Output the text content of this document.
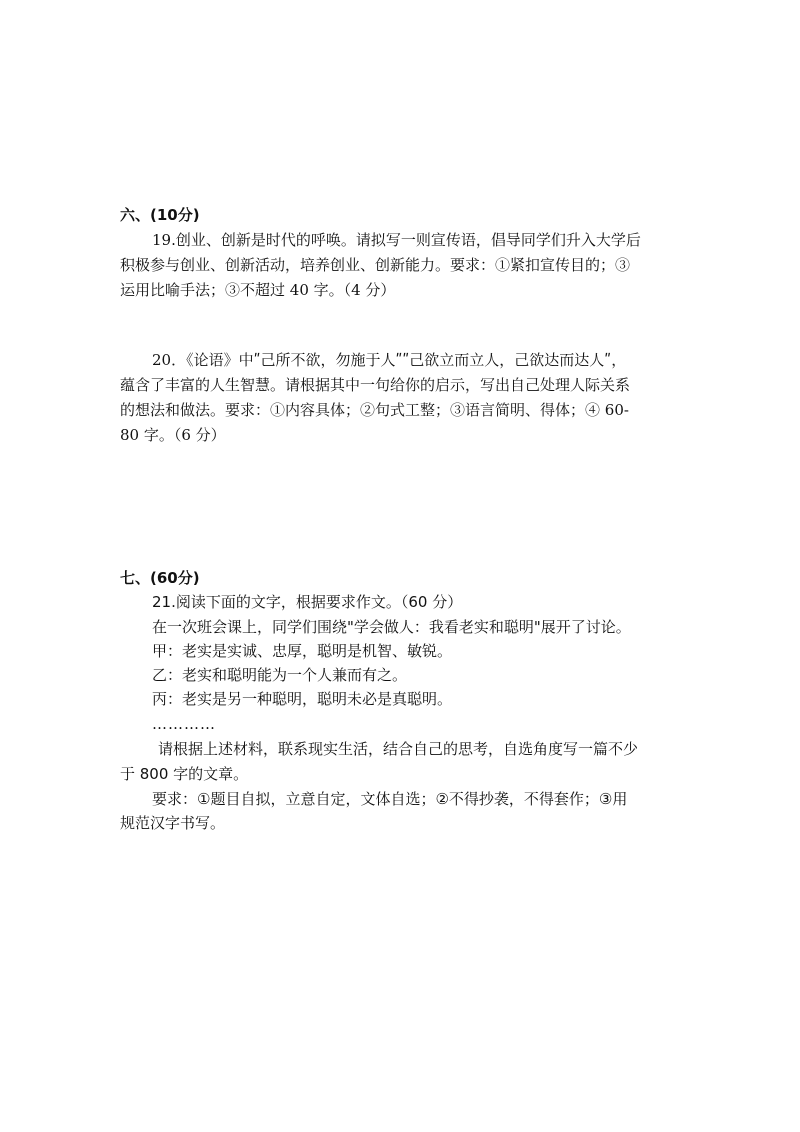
六、(10分)
19.创业、创新是时代的呼唤。请拟写一则宣传语，倡导同学们升入大学后
积极参与创业、创新活动，培养创业、创新能力。要求：①紧扣宣传目的；③
运用比喻手法；③不超过 40 字。（4 分）
20．《论语》中ʺ己所不欲，勿施于人ʺʺ己欲立而立人，己欲达而达人ʺ，
蕴含了丰富的人生智慧。请根据其中一句给你的启示，写出自己处理人际关系
的想法和做法。要求：①内容具体；②句式工整；③语言简明、得体；④ 60-
80 字。（6 分）
七、(60分)
21.阅读下面的文字，根据要求作文。（60 分）
在一次班会课上，同学们围绕"学会做人：我看老实和聪明"展开了讨论。
甲：老实是实诚、忠厚，聪明是机智、敏锐。
乙：老实和聪明能为一个人兼而有之。
丙：老实是另一种聪明，聪明未必是真聪明。
…………
请根据上述材料，联系现实生活，结合自己的思考，自选角度写一篇不少
于 800 字的文章。
要求：①题目自拟，立意自定，文体自选；②不得抄袭，不得套作；③用
规范汉字书写。
